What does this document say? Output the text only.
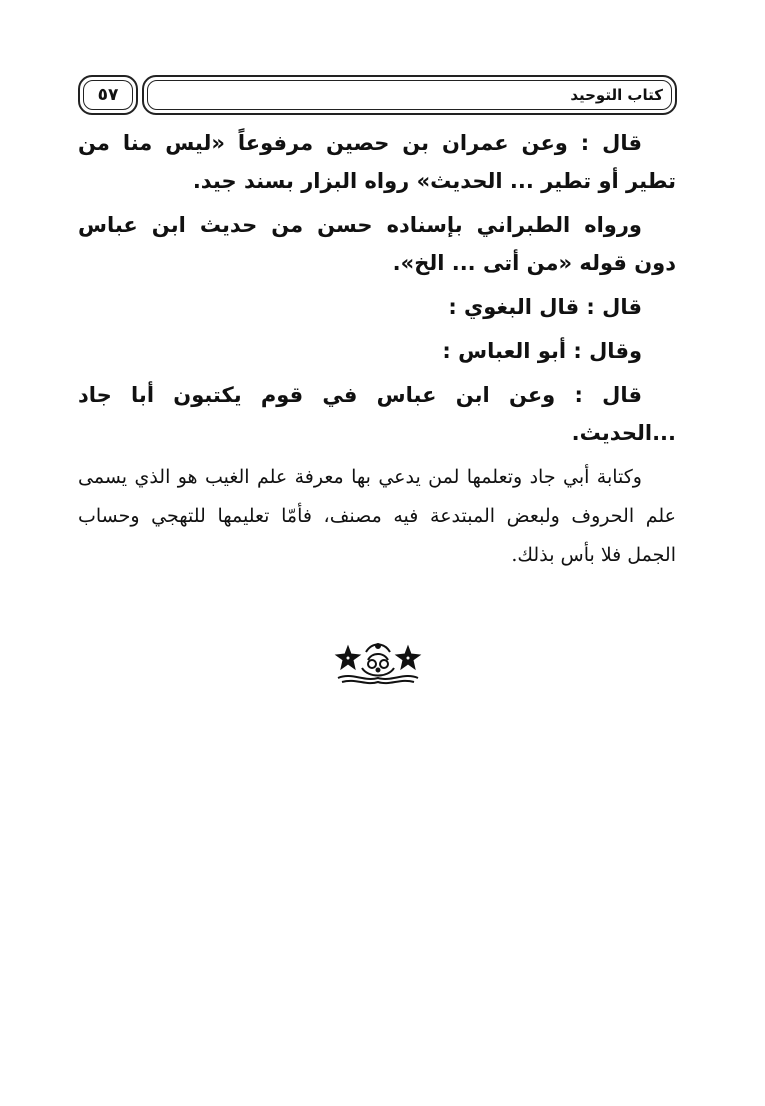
كتاب التوحيد
٥٧

قال : وعن عمران بن حصين مرفوعاً «ليس منا من تطير أو تطير ... الحديث» رواه البزار بسند جيد.

ورواه الطبراني بإسناده حسن من حديث ابن عباس دون قوله «من أتى ... الخ».

قال : قال البغوي :

وقال : أبو العباس :

قال : وعن ابن عباس في قوم يكتبون أبا جاد ...الحديث.

وكتابة أبي جاد وتعلمها لمن يدعي بها معرفة علم الغيب هو الذي يسمى علم الحروف ولبعض المبتدعة فيه مصنف، فأمّا تعليمها للتهجي وحساب الجمل فلا بأس بذلك.
